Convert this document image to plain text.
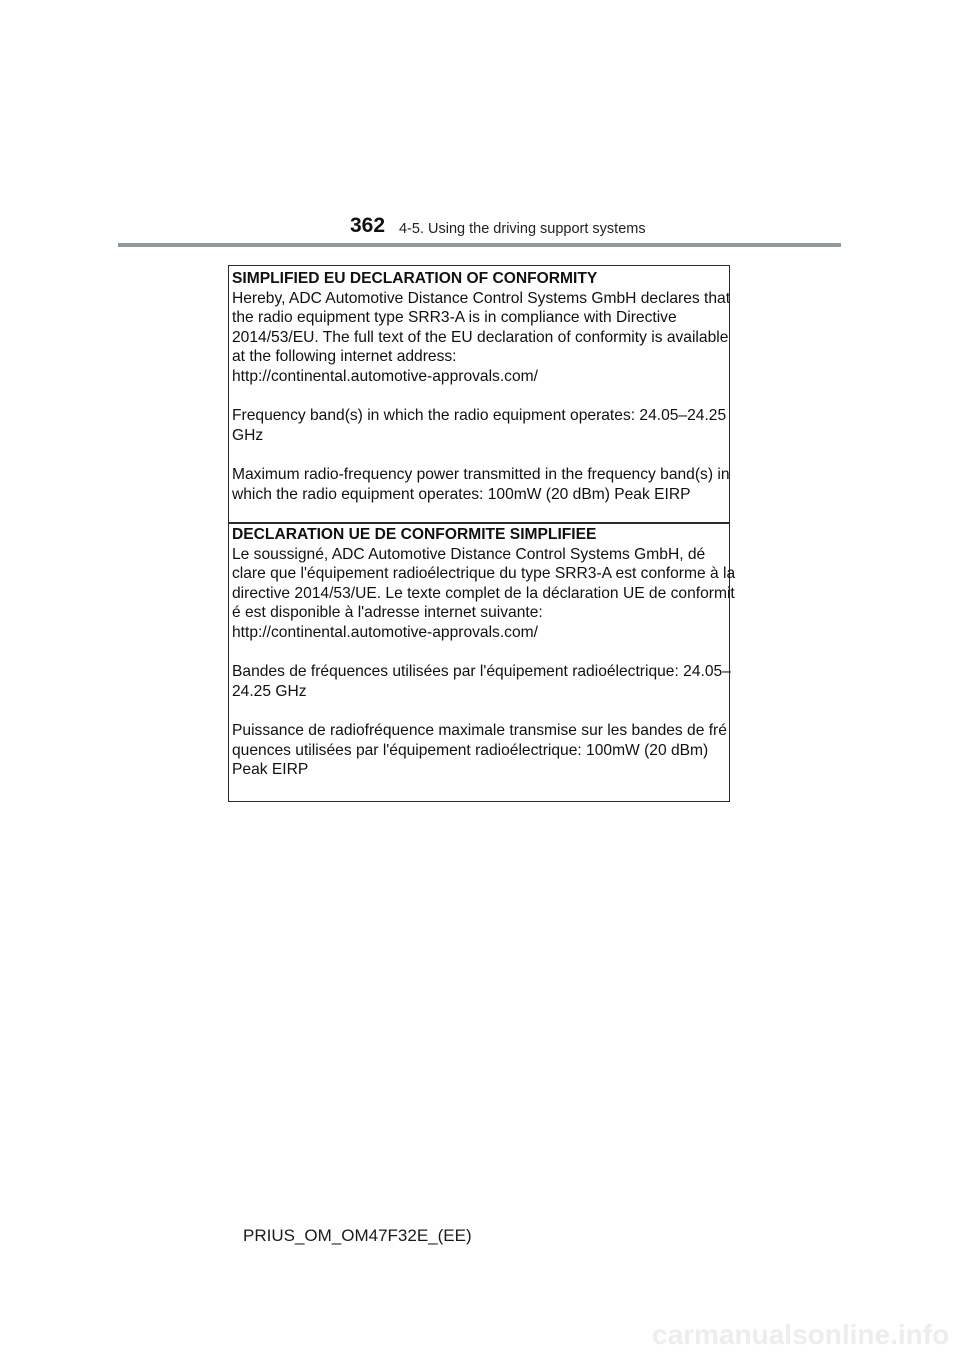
362 4-5. Using the driving support systems
SIMPLIFIED EU DECLARATION OF CONFORMITY
Hereby, ADC Automotive Distance Control Systems GmbH declares that
the radio equipment type SRR3-A is in compliance with Directive
2014/53/EU. The full text of the EU declaration of conformity is available
at the following internet address:
http://continental.automotive-approvals.com/
Frequency band(s) in which the radio equipment operates: 24.05–24.25
GHz
Maximum radio-frequency power transmitted in the frequency band(s) in
which the radio equipment operates: 100mW (20 dBm) Peak EIRP
DECLARATION UE DE CONFORMITE SIMPLIFIEE
Le soussigné, ADC Automotive Distance Control Systems GmbH, dé
clare que l'équipement radioélectrique du type SRR3-A est conforme à la
directive 2014/53/UE. Le texte complet de la déclaration UE de conformit
é est disponible à l'adresse internet suivante:
http://continental.automotive-approvals.com/
Bandes de fréquences utilisées par l'équipement radioélectrique: 24.05–
24.25 GHz
Puissance de radiofréquence maximale transmise sur les bandes de fré
quences utilisées par l'équipement radioélectrique: 100mW (20 dBm)
Peak EIRP
PRIUS_OM_OM47F32E_(EE)
carmanualsonline.info
